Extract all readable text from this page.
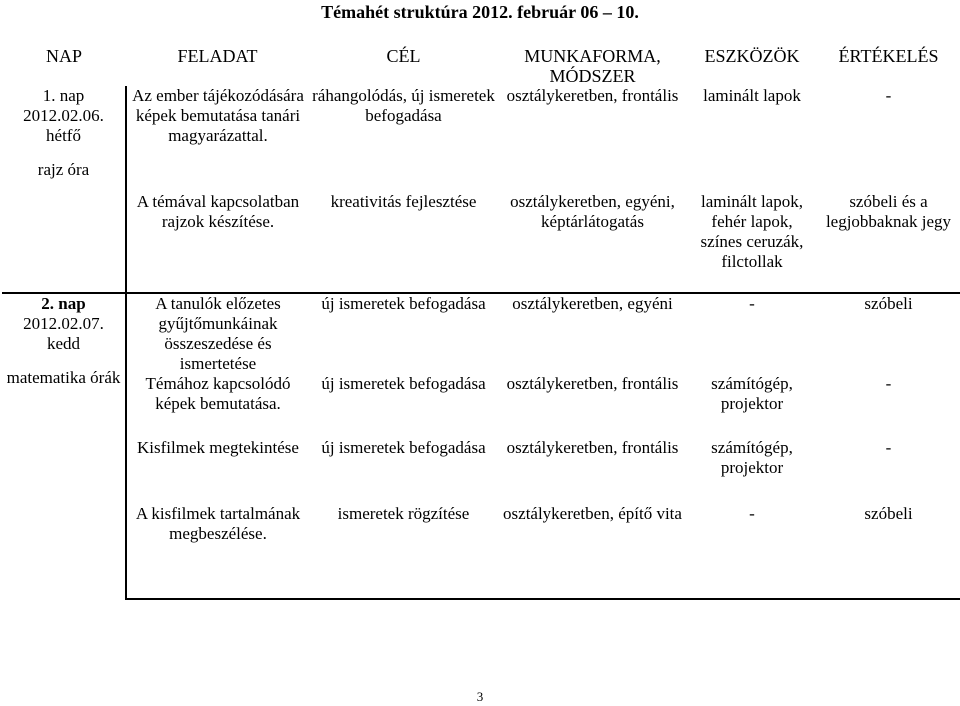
Témahét struktúra 2012. február 06 – 10.
NAP	FELADAT	CÉL	MUNKAFORMA, MÓDSZER	ESZKÖZÖK	ÉRTÉKELÉS

1. nap
2012.02.06.
hétfő
rajz óra	Az ember tájékozódására képek bemutatása tanári magyarázattal.	ráhangolódás, új ismeretek befogadása	osztálykeretben, frontális	laminált lapok	-
	A témával kapcsolatban rajzok készítése.	kreativitás fejlesztése	osztálykeretben, egyéni, képtárlátogatás	laminált lapok, fehér lapok, színes ceruzák, filctollak	szóbeli és a legjobbaknak jegy

2. nap
2012.02.07.
kedd
matematika órák	A tanulók előzetes gyűjtőmunkáinak összeszedése és ismertetése	új ismeretek befogadása	osztálykeretben, egyéni	-	szóbeli
	Témához kapcsolódó képek bemutatása.	új ismeretek befogadása	osztálykeretben, frontális	számítógép, projektor	-
	Kisfilmek megtekintése	új ismeretek befogadása	osztálykeretben, frontális	számítógép, projektor	-
	A kisfilmek tartalmának megbeszélése.	ismeretek rögzítése	osztálykeretben, építő vita	-	szóbeli
3
